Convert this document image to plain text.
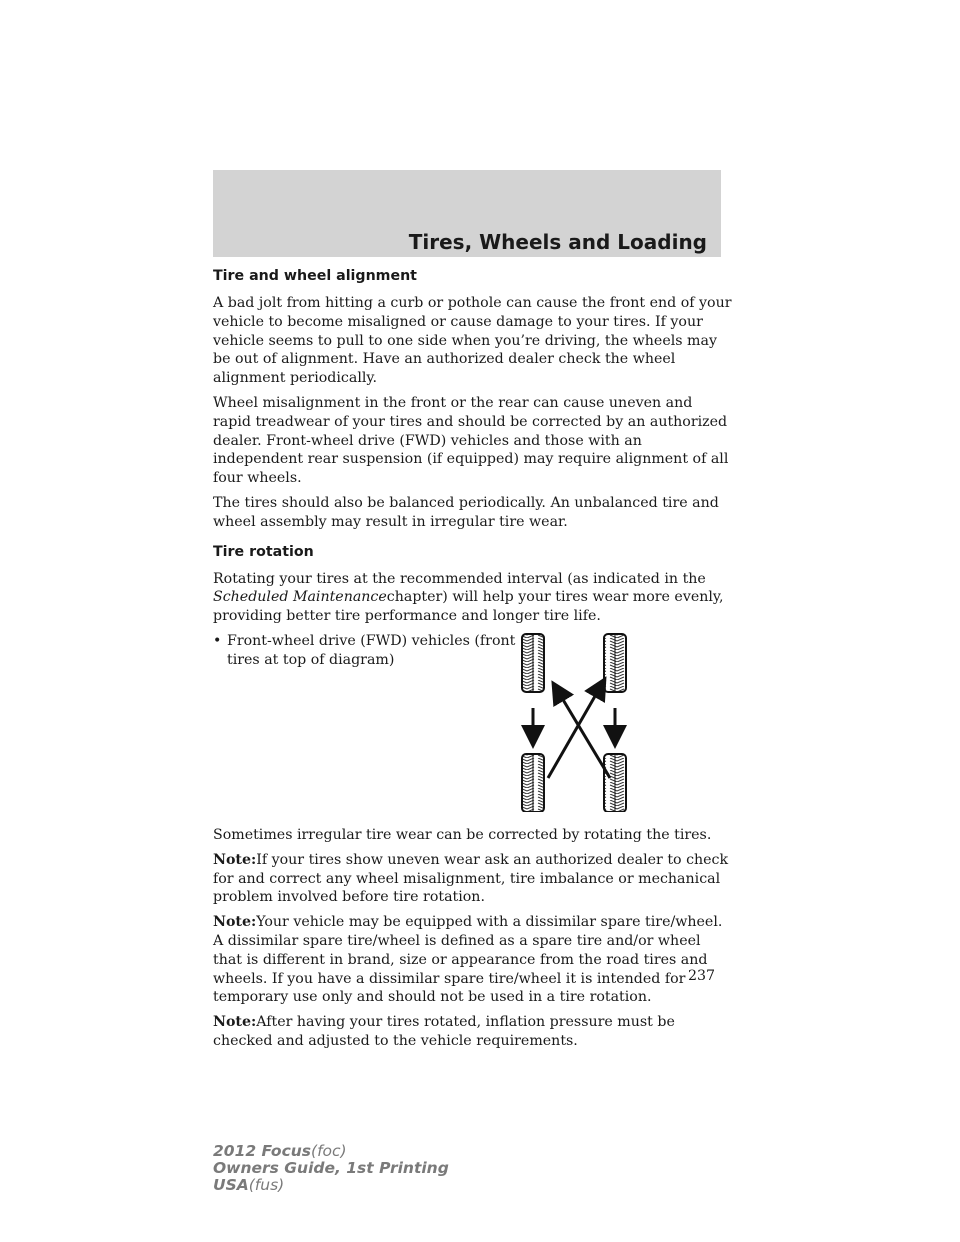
Tires, Wheels and Loading
Tire and wheel alignment

A bad jolt from hitting a curb or pothole can cause the front end of your vehicle to become misaligned or cause damage to your tires. If your vehicle seems to pull to one side when you’re driving, the wheels may be out of alignment. Have an authorized dealer check the wheel alignment periodically.

Wheel misalignment in the front or the rear can cause uneven and rapid treadwear of your tires and should be corrected by an authorized dealer. Front-wheel drive (FWD) vehicles and those with an independent rear suspension (if equipped) may require alignment of all four wheels.

The tires should also be balanced periodically. An unbalanced tire and wheel assembly may result in irregular tire wear.

Tire rotation

Rotating your tires at the recommended interval (as indicated in the Scheduled Maintenancechapter) will help your tires wear more evenly, providing better tire performance and longer tire life.

• Front-wheel drive (FWD) vehicles (front tires at top of diagram)

Sometimes irregular tire wear can be corrected by rotating the tires.

Note:If your tires show uneven wear ask an authorized dealer to check for and correct any wheel misalignment, tire imbalance or mechanical problem involved before tire rotation.

Note:Your vehicle may be equipped with a dissimilar spare tire/wheel. A dissimilar spare tire/wheel is defined as a spare tire and/or wheel that is different in brand, size or appearance from the road tires and wheels. If you have a dissimilar spare tire/wheel it is intended for temporary use only and should not be used in a tire rotation.

Note:After having your tires rotated, inflation pressure must be checked and adjusted to the vehicle requirements.

237
2012 Focus(foc)
Owners Guide, 1st Printing
USA(fus)
